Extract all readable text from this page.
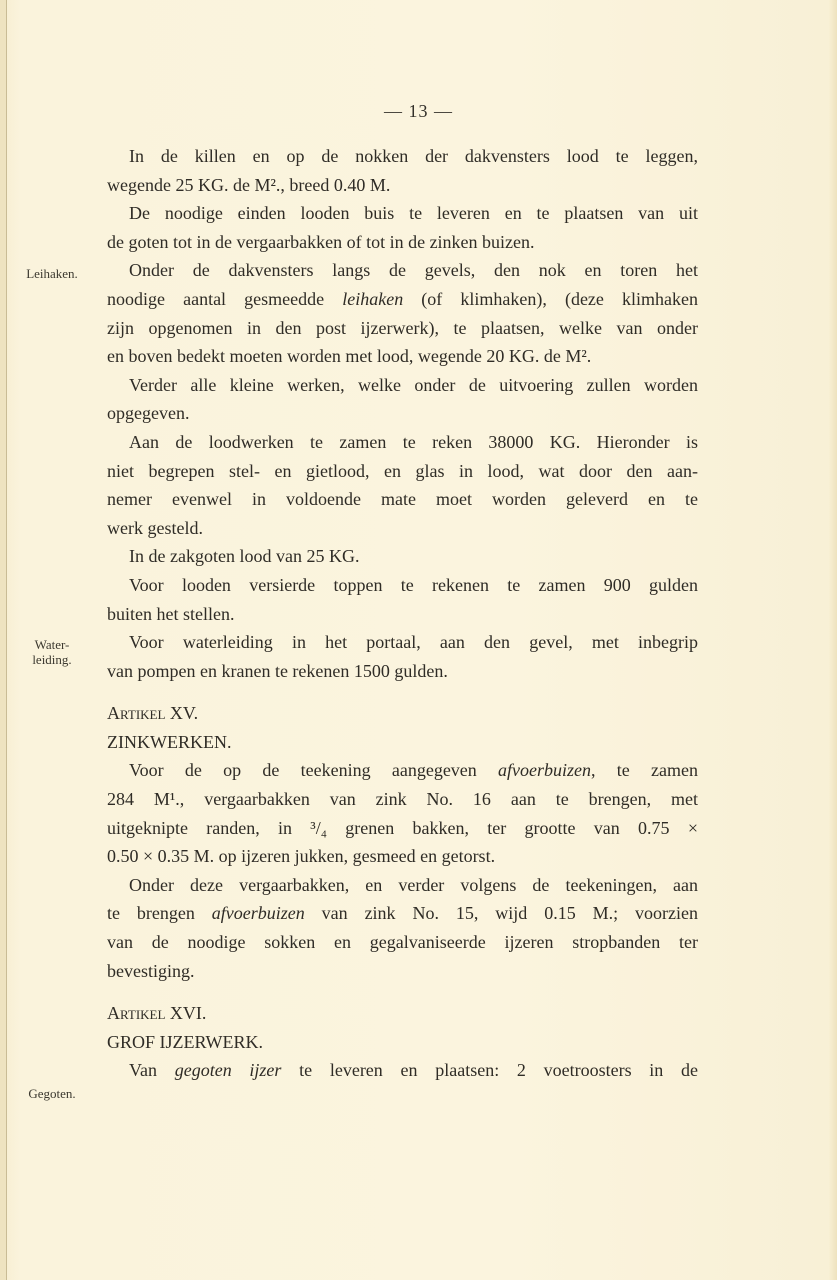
— 13 —
Leihaken.
Water-
leiding.
Gegoten.
In de killen en op de nokken der dakvensters lood te leggen,
wegende 25 KG. de M²., breed 0.40 M.
De noodige einden looden buis te leveren en te plaatsen van uit
de goten tot in de vergaarbakken of tot in de zinken buizen.
Onder de dakvensters langs de gevels, den nok en toren het
noodige aantal gesmeedde leihaken (of klimhaken), (deze klimhaken
zijn opgenomen in den post ijzerwerk), te plaatsen, welke van onder
en boven bedekt moeten worden met lood, wegende 20 KG. de M².
Verder alle kleine werken, welke onder de uitvoering zullen worden
opgegeven.
Aan de loodwerken te zamen te reken 38000 KG. Hieronder is
niet begrepen stel- en gietlood, en glas in lood, wat door den aan-
nemer evenwel in voldoende mate moet worden geleverd en te
werk gesteld.
In de zakgoten lood van 25 KG.
Voor looden versierde toppen te rekenen te zamen 900 gulden
buiten het stellen.
Voor waterleiding in het portaal, aan den gevel, met inbegrip
van pompen en kranen te rekenen 1500 gulden.
Artikel XV.
ZINKWERKEN.
Voor de op de teekening aangegeven afvoerbuizen, te zamen
284 M¹., vergaarbakken van zink No. 16 aan te brengen, met
uitgeknipte randen, in ³/₄ grenen bakken, ter grootte van 0.75 ×
0.50 × 0.35 M. op ijzeren jukken, gesmeed en getorst.
Onder deze vergaarbakken, en verder volgens de teekeningen, aan
te brengen afvoerbuizen van zink No. 15, wijd 0.15 M.; voorzien
van de noodige sokken en gegalvaniseerde ijzeren stropbanden ter
bevestiging.
Artikel XVI.
GROF IJZERWERK.
Van gegoten ijzer te leveren en plaatsen: 2 voetroosters in de
